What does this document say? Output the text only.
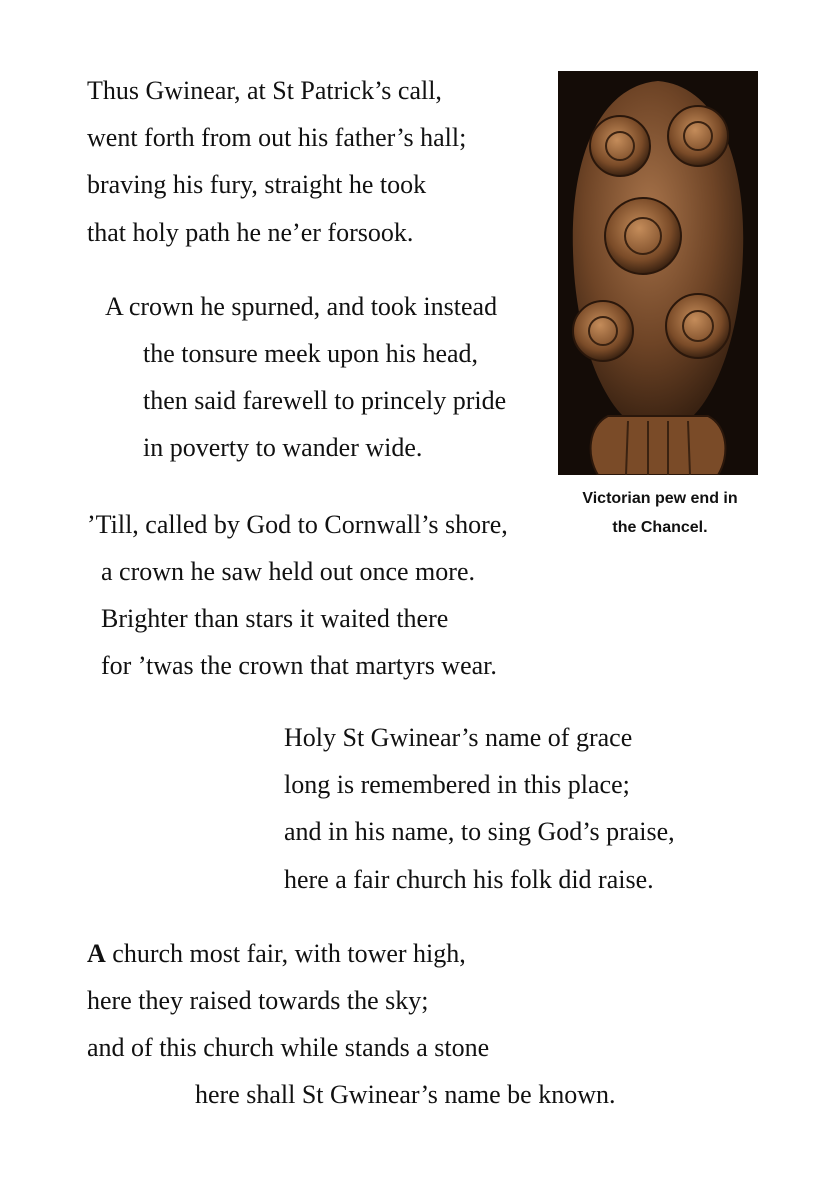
Thus Gwinear, at St Patrick’s call,
went forth from out his father’s hall;
braving his fury, straight he took
that holy path he ne’er forsook.
A crown he spurned, and took instead
the tonsure meek upon his head,
then said farewell to princely pride
in poverty to wander wide.
’Till, called by God to Cornwall’s shore,
a crown he saw held out once more.
Brighter than stars it waited there
for ’twas the crown that martyrs wear.
Holy St Gwinear’s name of grace
long is remembered in this place;
and in his name, to sing God’s praise,
here a fair church his folk did raise.
A church most fair, with tower high,
here they raised towards the sky;
and of this church while stands a stone
here shall St Gwinear’s name be known.
Victorian pew end in
the Chancel.
